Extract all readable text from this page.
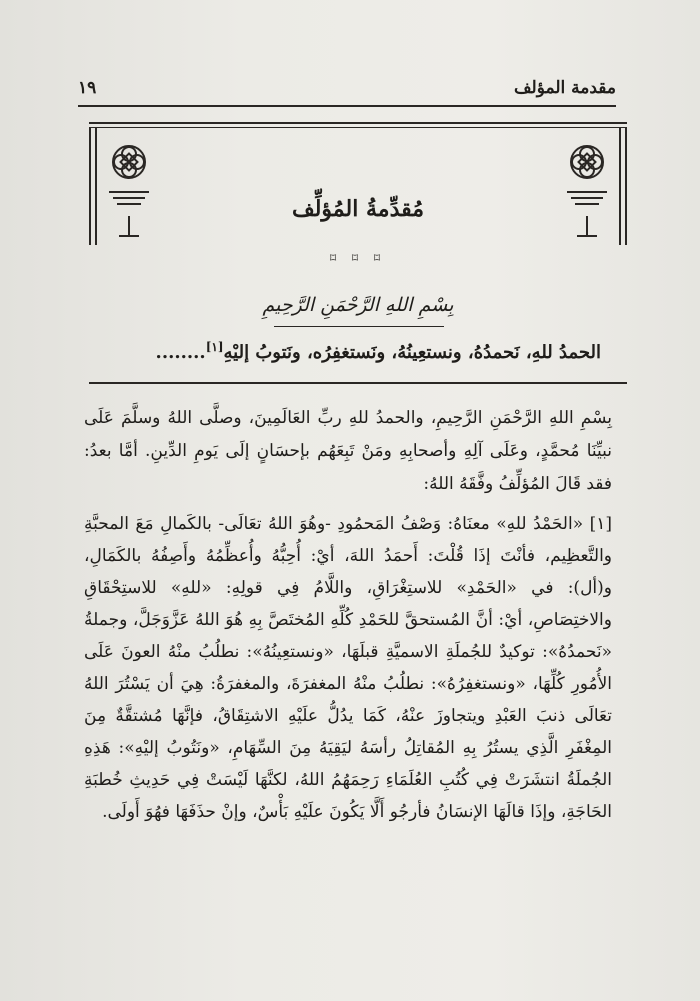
مقدمة المؤلف
١٩
مُقدِّمةُ المُؤلِّف
⌑ ⌑ ⌑
بِسْمِ اللهِ الرَّحْمَنِ الرَّحِيمِ
الحمدُ للهِ، نَحمدُهُ، ونستعِينُهُ، ونَستغفِرُه، ونَتوبُ إليْهِ[١]........

بِسْمِ اللهِ الرَّحْمَنِ الرَّحِيمِ، والحمدُ للهِ ربِّ العَالَمِينَ، وصلَّى اللهُ وسلَّمَ عَلَى نبيِّنَا مُحمَّدٍ، وعَلَى آلِهِ وأصحابِهِ ومَنْ تَبِعَهُم بإحسَانٍ إلَى يَومِ الدِّينِ. أمَّا بعدُ: فقد قَالَ المُؤلِّفُ وفَّقَهُ اللهُ:

[١] «الحَمْدُ للهِ» معنَاهُ: وَصْفُ المَحمُودِ -وهُوَ اللهُ تعَالَى- بالكَمالِ مَعَ المحبَّةِ والتَّعظِيم، فأنْتَ إذَا قُلْتَ: أَحمَدُ اللهَ، أيْ: أُحِبُّهُ وأُعظِّمُهُ وأَصِفُهُ بالكَمَالِ، و(أل): في «الحَمْدِ» للاستِغْرَاقِ، واللَّامُ فِي قولِهِ: «للهِ» للاستِحْقَاقِ والاختِصَاصِ، أيْ: أنَّ المُستحقَّ للحَمْدِ كُلِّهِ المُختَصَّ بِهِ هُوَ اللهُ عَزَّوَجَلَّ، وجملةُ «نَحمدُهُ»: توكيدٌ للجُملَةِ الاسميَّةِ قبلَهَا، «ونستعِينُهُ»: نطلُبُ منْهُ العونَ عَلَى الأُمُورِ كُلِّهَا، «ونستغفِرُهُ»: نطلُبُ منْهُ المغفرَةَ، والمغفرَةُ: هِيَ أن يَسْتُرَ اللهُ تعَالَى ذنبَ العَبْدِ ويتجاوزَ عنْهُ، كَمَا يدُلُّ علَيْهِ الاشتِقَاقُ، فإنَّهَا مُشتقَّةٌ مِنَ المِغْفَرِ الَّذِي يستُرُ بِهِ المُقاتِلُ رأسَهُ ليَقِيَهُ مِنَ السِّهَامِ، «ونَتُوبُ إليْهِ»: هَذِهِ الجُملَةُ انتشَرَتْ فِي كُتُبِ العُلَمَاءِ رَحِمَهُمُ اللهُ، لكنَّهَا لَيْسَتْ فِي حَدِيثِ خُطبَةِ الحَاجَةِ، وإذَا قالَهَا الإنسَانُ فأرجُو أَلَّا يَكُونَ علَيْهِ بَأْسٌ، وإنْ حذَفَهَا فهُوَ أَولَى.
